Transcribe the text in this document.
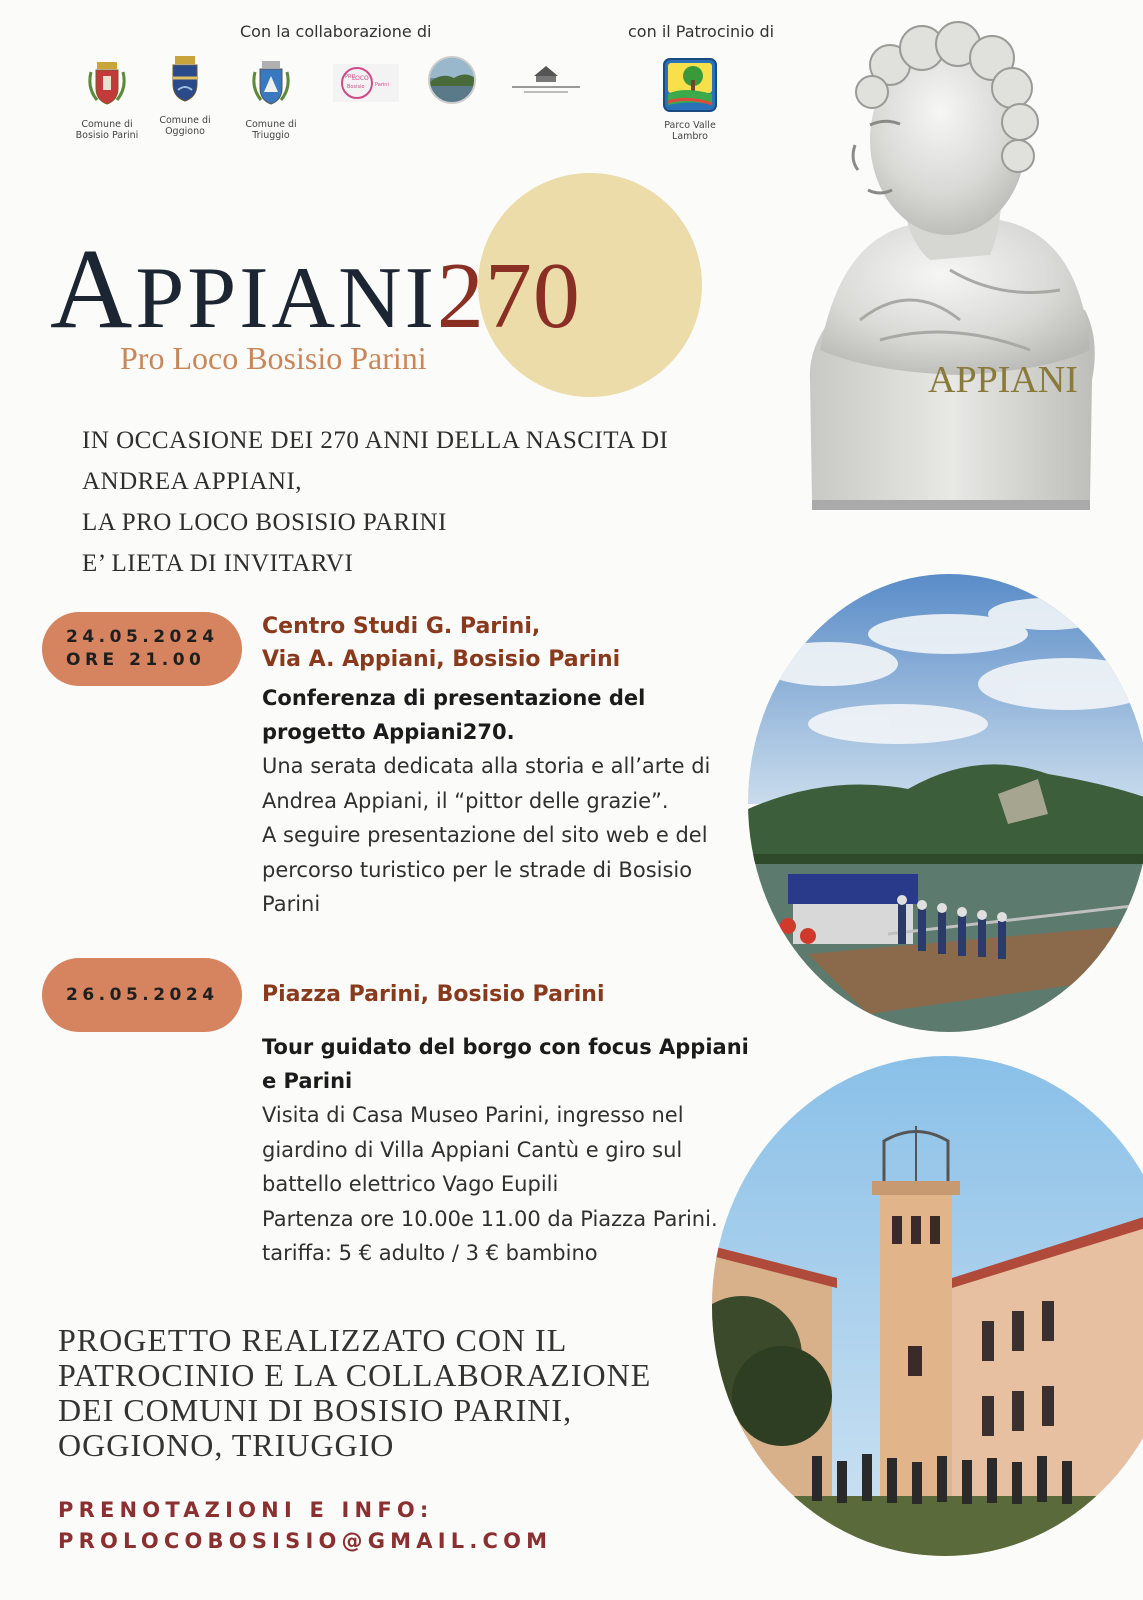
Con la collaborazione di	con il Patrocinio di
Comune di
Bosisio Parini
Comune di
Oggiono
Comune di
Triuggio
PRO
LOCO
Bosisio Parini
Parco Valle Lambro
APPIANI270
Pro Loco Bosisio Parini
APPIANI
IN OCCASIONE DEI 270 ANNI DELLA NASCITA DI
ANDREA APPIANI,
LA PRO LOCO BOSISIO PARINI
E’ LIETA DI INVITARVI
24.05.2024
ORE 21.00
Centro Studi G. Parini,
Via A. Appiani, Bosisio Parini
Conferenza di presentazione del
progetto Appiani270.
Una serata dedicata alla storia e all’arte di
Andrea Appiani, il “pittor delle grazie”.
A seguire presentazione del sito web e del
percorso turistico per le strade di Bosisio
Parini
26.05.2024	Piazza Parini, Bosisio Parini
Tour guidato del borgo con focus Appiani
e Parini
Visita di Casa Museo Parini, ingresso nel
giardino di Villa Appiani Cantù e giro sul
battello elettrico Vago Eupili
Partenza ore 10.00e 11.00 da Piazza Parini.
tariffa: 5 € adulto / 3 € bambino
PROGETTO REALIZZATO CON IL
PATROCINIO E LA COLLABORAZIONE
DEI COMUNI DI BOSISIO PARINI,
OGGIONO, TRIUGGIO
PRENOTAZIONI E INFO:
PROLOCOBOSISIO@GMAIL.COM
